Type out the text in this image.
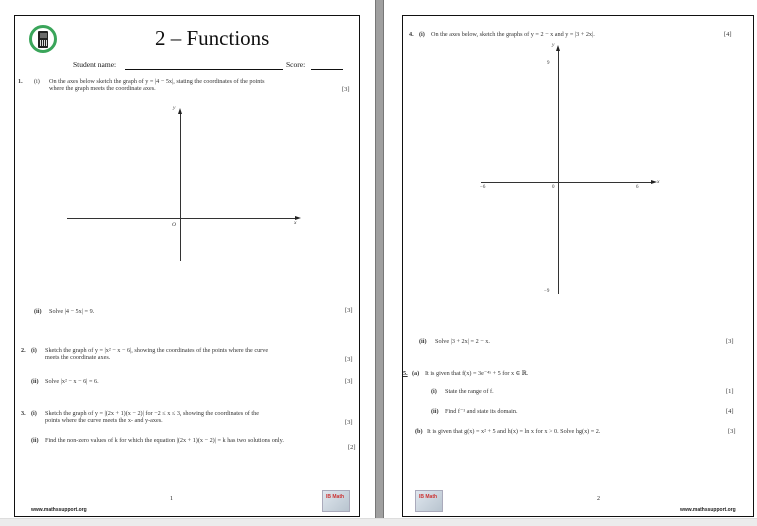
2 – Functions
Student name:	Score:
1. (i) On the axes below sketch the graph of y = |4 − 5x|, stating the coordinates of the points
where the graph meets the coordinate axes.	[3]
y
x
O
(ii) Solve |4 − 5x| = 9.	[3]
2. (i) Sketch the graph of y = |x² − x − 6|, showing the coordinates of the points where the curve
meets the coordinate axes.	[3]
(ii) Solve |x² − x − 6| = 6.	[3]
3. (i) Sketch the graph of y = |(2x + 1)(x − 2)| for −2 ≤ x ≤ 3, showing the coordinates of the
points where the curve meets the x- and y-axes.	[3]
(ii) Find the non-zero values of k for which the equation |(2x + 1)(x − 2)| = k has two solutions only.
[2]
1
www.mathssupport.org
IB Math
4. (i) On the axes below, sketch the graphs of y = 2 − x and y = |3 + 2x|.	[4]
y
9
−9
x
−6	6
0
(ii) Solve |3 + 2x| = 2 − x.	[3]
5. (a) It is given that f(x) = 3e⁻⁴ˣ + 5 for x ∈ ℝ.
(i) State the range of f.	[1]
(ii) Find f⁻¹ and state its domain.	[4]
(b) It is given that g(x) = x² + 5 and h(x) = ln x for x > 0. Solve hg(x) = 2.	[3]
IB Math	2
www.mathssupport.org
